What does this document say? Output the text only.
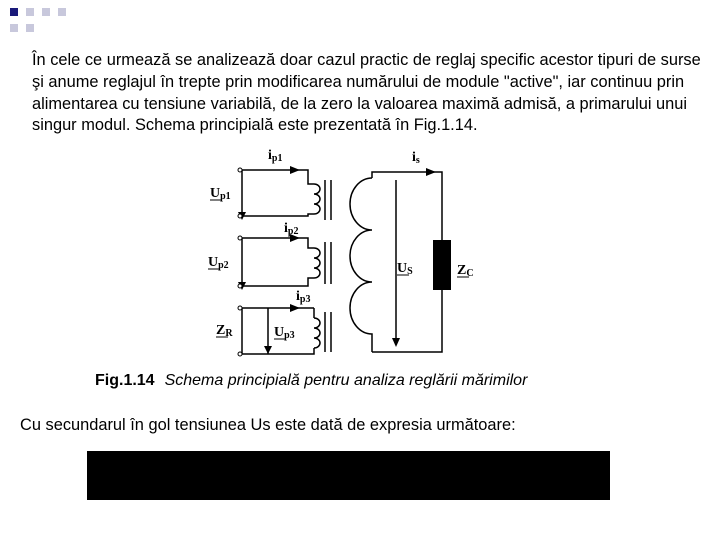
În cele ce urmează se analizează doar cazul practic de reglaj specific acestor tipuri de surse şi anume reglajul în trepte prin modificarea numărului de module "active", iar continuu prin alimentarea cu tensiune variabilă, de la zero la valoarea maximă admisă, a primarului unui singur modul. Schema principială este prezentată în Fig.1.14.

ip1
ip2
ip3
is
Up1
Up2
Up3
US	ZC
ZR
Fig.1.14 Schema principială pentru analiza reglării mărimilor
Cu secundarul în gol tensiunea Us este dată de expresia următoare:
